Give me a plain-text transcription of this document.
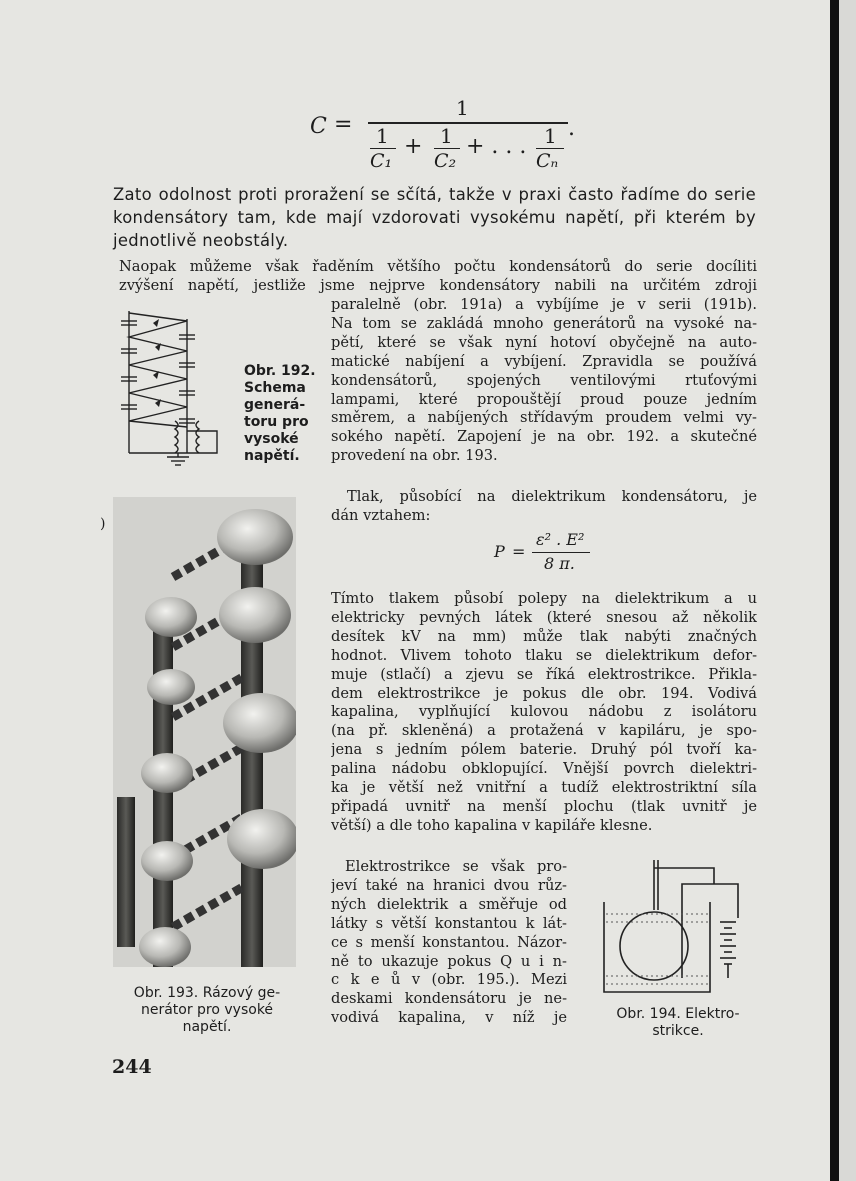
C =
1
1
C₁
+ 1
C₂
+ . . . 1
Cₙ
.
Zato odolnost proti proražení se sčítá, takže v praxi často řadíme do serie kondensátory tam, kde mají vzdorovati vysokému napětí, při kterém by jednotlivě neobstály.
Naopak můžeme však řaděním většího počtu kondensátorů do serie docíliti
zvýšení napětí, jestliže jsme nejprve kondensátory nabili na určitém zdroji
paralelně (obr. 191a) a vybíjíme je v serii (191b).
Na tom se zakládá mnoho generátorů na vysoké na-
pětí, které se však nyní hotoví obyčejně na auto-
matické nabíjení a vybíjení. Zpravidla se používá
kondensátorů, spojených ventilovými rtuťovými
lampami, které propouštějí proud pouze jedním
směrem, a nabíjených střídavým proudem velmi vy-
sokého napětí. Zapojení je na obr. 192. a skutečné
provedení na obr. 193.
Tlak, působící na dielektrikum kondensátoru, je
dán vztahem:
P =
ε² . E²
8 π.
Tímto tlakem působí polepy na dielektrikum a u
elektricky pevných látek (které snesou až několik
desítek kV na mm) může tlak nabýti značných
hodnot. Vlivem tohoto tlaku se dielektrikum defor-
muje (stlačí) a zjevu se říká elektrostrikce. Přikla-
dem elektrostrikce je pokus dle obr. 194. Vodivá
kapalina, vyplňující kulovou nádobu z isolátoru
(na př. skleněná) a protažená v kapiláru, je spo-
jena s jedním pólem baterie. Druhý pól tvoří ka-
palina nádobu obklopující. Vnější povrch dielektri-
ka je větší než vnitřní a tudíž elektrostriktní síla
připadá uvnitř na menší plochu (tlak uvnitř je
větší) a dle toho kapalina v kapiláře klesne.
Elektrostrikce se však pro-
jeví také na hranici dvou růz-
ných dielektrik a směřuje od
látky s větší konstantou k lát-
ce s menší konstantou. Názor-
ně to ukazuje pokus Q u i n-
c k e ů v (obr. 195.). Mezi
deskami kondensátoru je ne-
vodivá kapalina, v níž je
Obr. 192.
Schema
generá-
toru pro
vysoké
napětí.
)
Obr. 193. Rázový ge-
nerátor pro vysoké
napětí.
Obr. 194. Elektro-
strikce.
244
